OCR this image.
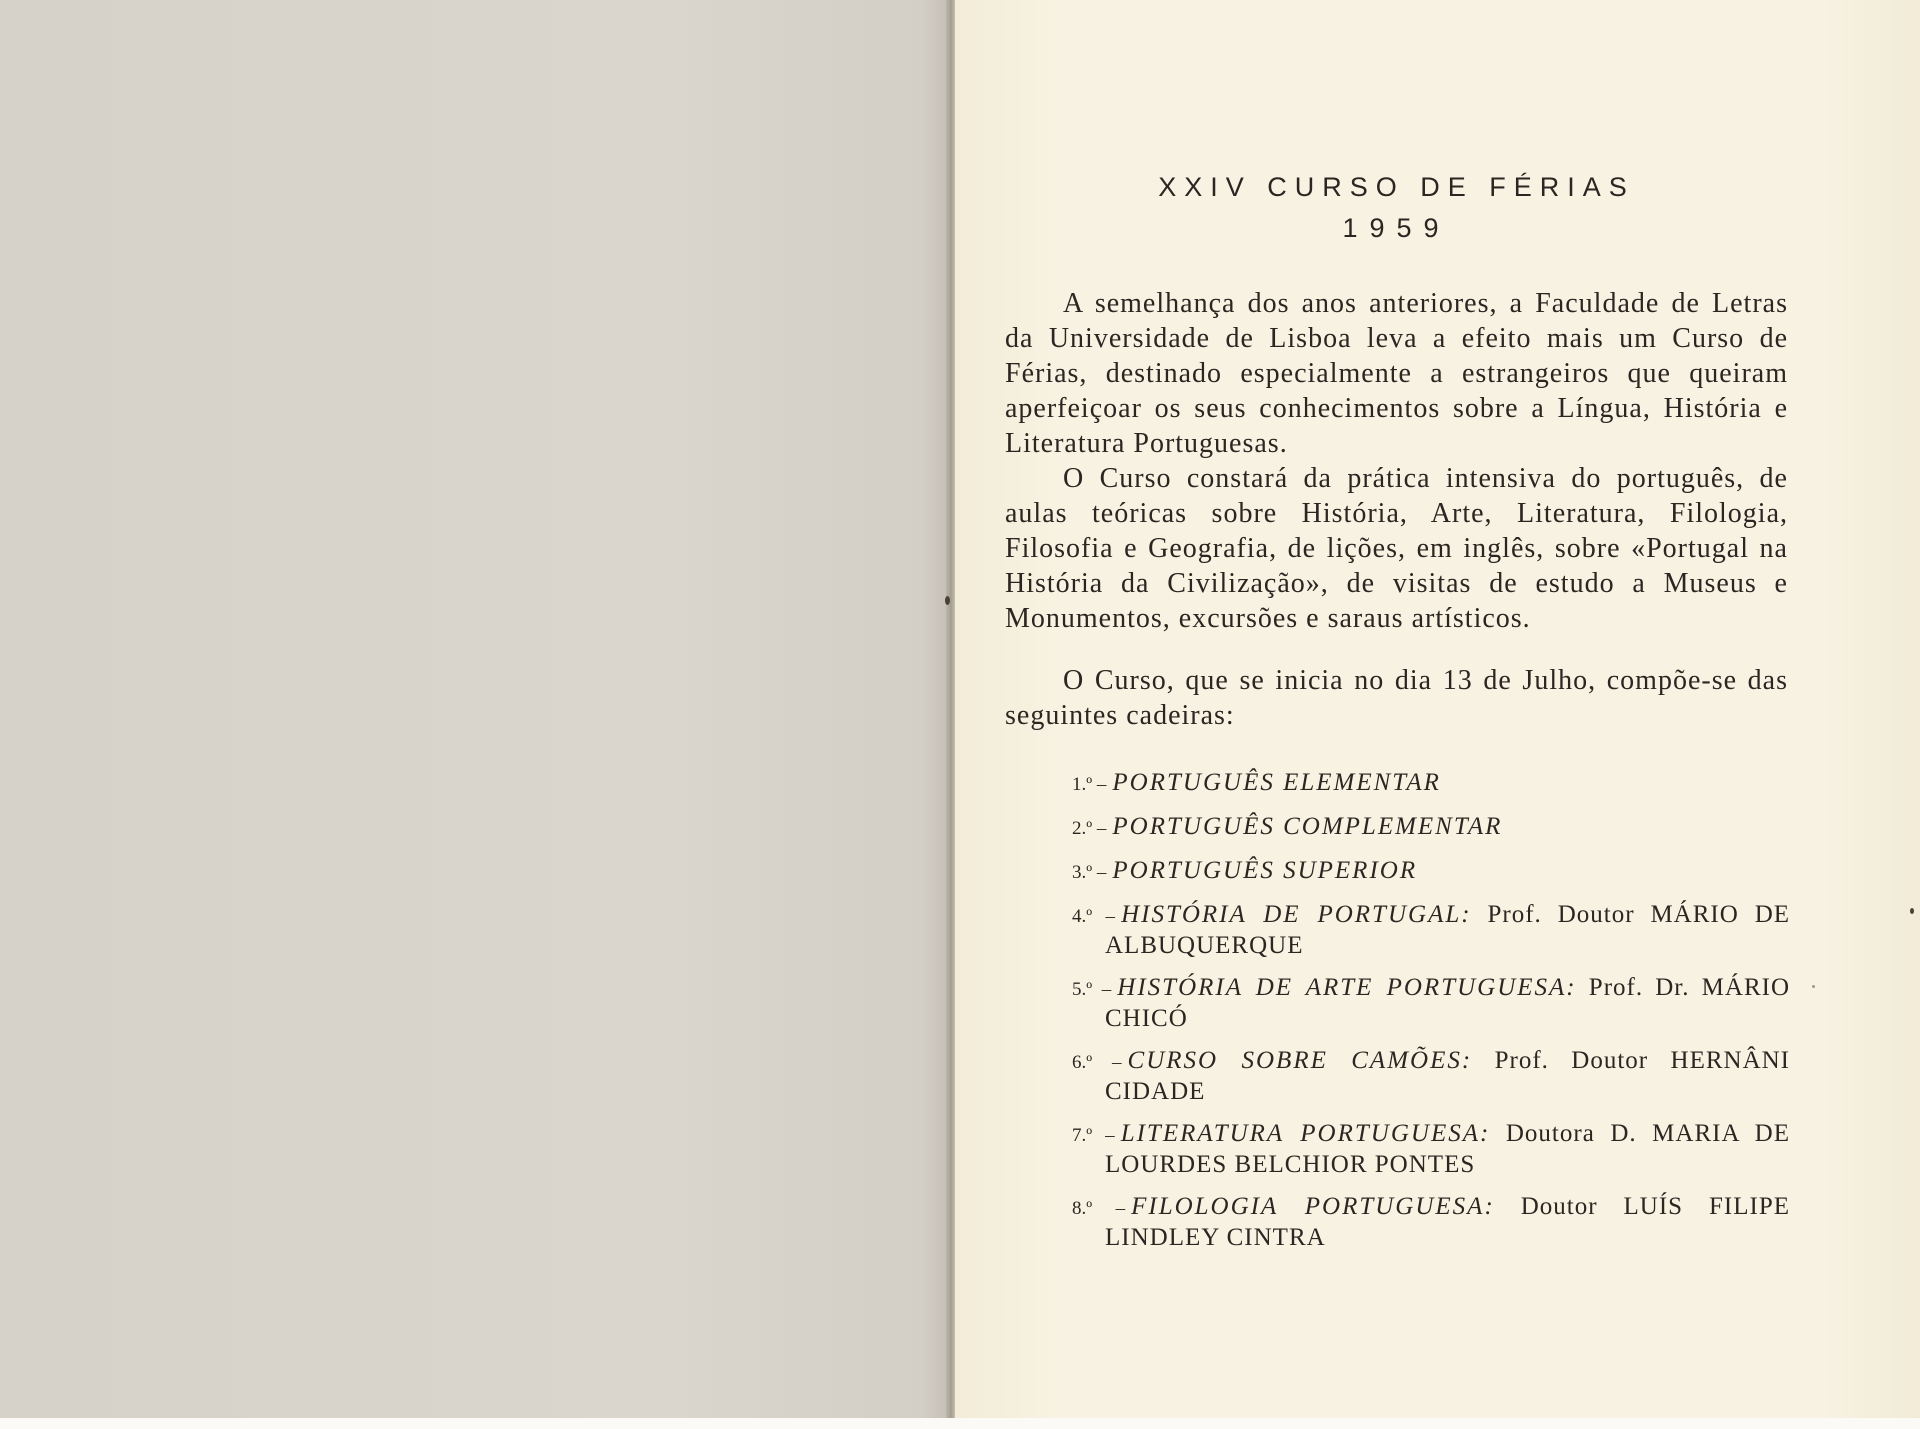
XXIV CURSO DE FÉRIAS

1959

A semelhança dos anos anteriores, a Faculdade de Letras da Universidade de Lisboa leva a efeito mais um Curso de Férias, destinado especialmente a estrangeiros que queiram aperfeiçoar os seus conhecimentos sobre a Língua, História e Literatura Portuguesas.

O Curso constará da prática intensiva do português, de aulas teóricas sobre História, Arte, Literatura, Filologia, Filosofia e Geografia, de lições, em inglês, sobre «Portugal na História da Civilização», de visitas de estudo a Museus e Monumentos, excursões e saraus artísticos.

O Curso, que se inicia no dia 13 de Julho, compõe-se das seguintes cadeiras:

1.º – PORTUGUÊS ELEMENTAR
2.º – PORTUGUÊS COMPLEMENTAR
3.º – PORTUGUÊS SUPERIOR
4.º – HISTÓRIA DE PORTUGAL: Prof. Doutor MÁRIO DE ALBUQUERQUE
5.º – HISTÓRIA DE ARTE PORTUGUESA: Prof. Dr. MÁRIO CHICÓ
6.º – CURSO SOBRE CAMÕES: Prof. Doutor HERNÂNI CIDADE
7.º – LITERATURA PORTUGUESA: Doutora D. MARIA DE LOURDES BELCHIOR PONTES
8.º – FILOLOGIA PORTUGUESA: Doutor LUÍS FILIPE LINDLEY CINTRA
